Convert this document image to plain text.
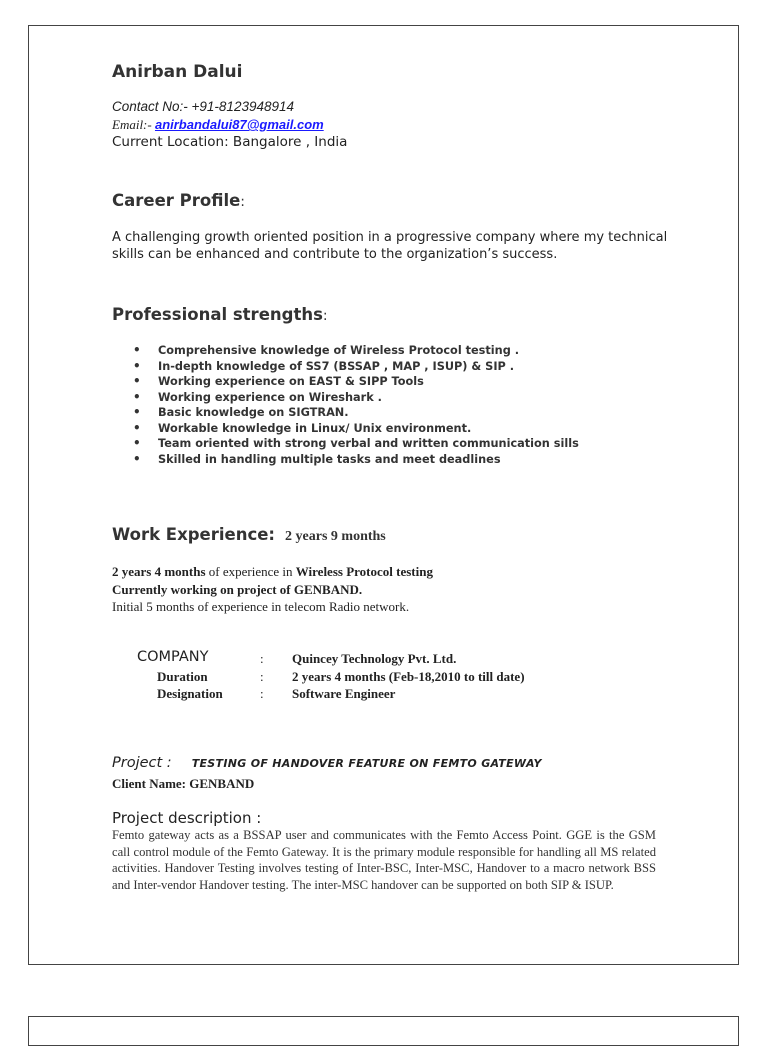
Anirban Dalui
Contact No:- +91-8123948914
Email:- anirbandalui87@gmail.com
Current Location: Bangalore , India
Career Profile:
A challenging growth oriented position in a progressive company where my technical skills can be enhanced and contribute to the organization’s success.
Professional strengths:
• Comprehensive knowledge of Wireless Protocol testing .
• In-depth knowledge of SS7 (BSSAP , MAP , ISUP) & SIP .
• Working experience on EAST & SIPP Tools
• Working experience on Wireshark .
• Basic knowledge on SIGTRAN.
• Workable knowledge in Linux/ Unix environment.
• Team oriented with strong verbal and written communication sills
• Skilled in handling multiple tasks and meet deadlines
Work Experience: 2 years 9 months
2 years 4 months of experience in Wireless Protocol testing
Currently working on project of GENBAND.
Initial 5 months of experience in telecom Radio network.
COMPANY	: Quincey Technology Pvt. Ltd.
Duration	: 2 years 4 months (Feb-18,2010 to till date)
Designation	: Software Engineer
Project : TESTING OF HANDOVER FEATURE ON FEMTO GATEWAY
Client Name: GENBAND
Project description :
Femto gateway acts as a BSSAP user and communicates with the Femto Access Point. GGE is the GSM call control module of the Femto Gateway. It is the primary module responsible for handling all MS related activities. Handover Testing involves testing of Inter-BSC, Inter-MSC, Handover to a macro network BSS and Inter-vendor Handover testing. The inter-MSC handover can be supported on both SIP & ISUP.
